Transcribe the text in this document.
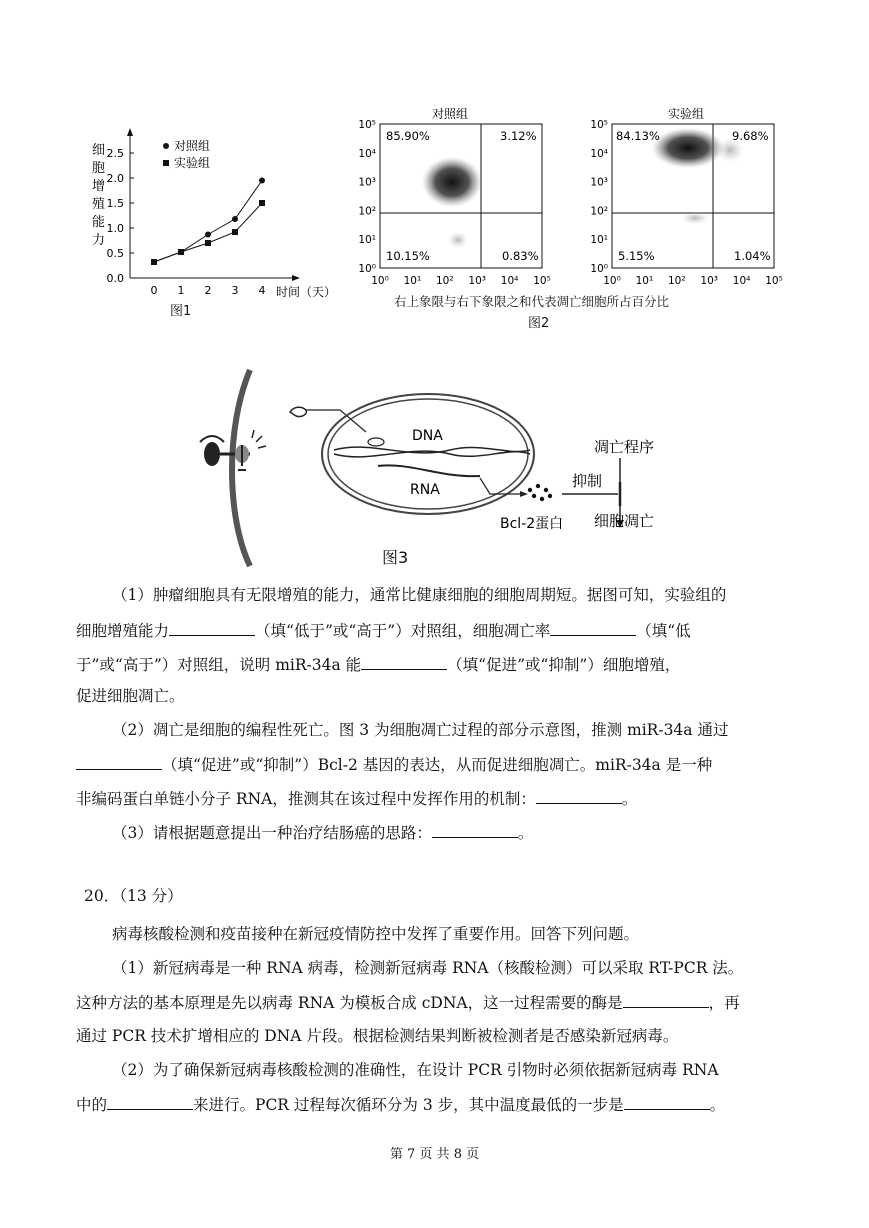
细
胞
增
殖
能
力
0.0
0.5
1.0
1.5
2.0
2.5
0 1 2 3 4
对照组
实验组
时间（天）
图1
对照组
85.90%	3.12%
10.15%	0.83%
10⁰
10¹
10²
10³
10⁴
10⁵
10⁰ 10¹ 10² 10³ 10⁴ 10⁵
实验组
84.13%	9.68%
5.15%	1.04%
10⁰
10¹
10²
10³
10⁴
10⁵
10⁰ 10¹ 10² 10³ 10⁴ 10⁵
右上象限与右下象限之和代表凋亡细胞所占百分比
图2
DNA
RNA
Bcl-2蛋白
抑制
凋亡程序
细胞凋亡
图3
（1）肿瘤细胞具有无限增殖的能力，通常比健康细胞的细胞周期短。据图可知，实验组的
细胞增殖能力	（填“低于”或“高于”）对照组，细胞凋亡率	（填“低
于”或“高于”）对照组，说明 miR-34a 能	（填“促进”或“抑制”）细胞增殖，
促进细胞凋亡。
（2）凋亡是细胞的编程性死亡。图 3 为细胞凋亡过程的部分示意图，推测 miR-34a 通过
（填“促进”或“抑制”）Bcl-2 基因的表达，从而促进细胞凋亡。miR-34a 是一种
非编码蛋白单链小分子 RNA，推测其在该过程中发挥作用的机制：	。
（3）请根据题意提出一种治疗结肠癌的思路：	。
20．（13 分）
病毒核酸检测和疫苗接种在新冠疫情防控中发挥了重要作用。回答下列问题。
（1）新冠病毒是一种 RNA 病毒，检测新冠病毒 RNA（核酸检测）可以采取 RT-PCR 法。
这种方法的基本原理是先以病毒 RNA 为模板合成 cDNA，这一过程需要的酶是	，再
通过 PCR 技术扩增相应的 DNA 片段。根据检测结果判断被检测者是否感染新冠病毒。
（2）为了确保新冠病毒核酸检测的准确性，在设计 PCR 引物时必须依据新冠病毒 RNA
中的	来进行。PCR 过程每次循环分为 3 步，其中温度最低的一步是	。
第 7 页 共 8 页
